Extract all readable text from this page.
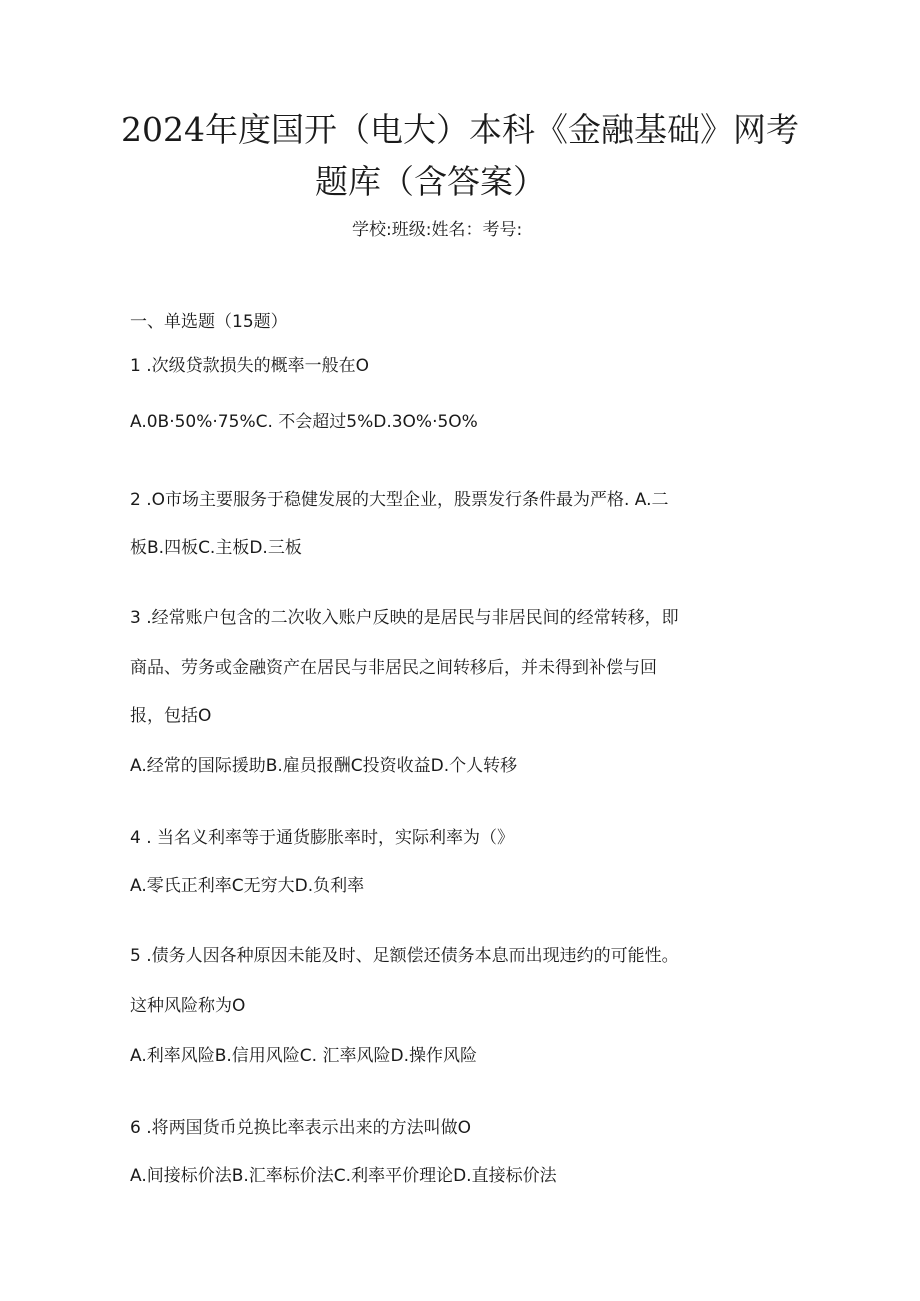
2024年度国开（电大）本科《金融基础》网考
题库（含答案）
学校:班级:姓名：考号:
一、单选题（15题）
1 .次级贷款损失的概率一般在O
A.0B·50%·75%C. 不会超过5%D.3O%·5O%
2 .O市场主要服务于稳健发展的大型企业，股票发行条件最为严格. A.二
板B.四板C.主板D.三板
3 .经常账户包含的二次收入账户反映的是居民与非居民间的经常转移，即
商品、劳务或金融资产在居民与非居民之间转移后，并未得到补偿与回
报，包括O
A.经常的国际援助B.雇员报酬C投资收益D.个人转移
4 . 当名义利率等于通货膨胀率时，实际利率为（》
A.零氏正利率C无穷大D.负利率
5 .债务人因各种原因未能及时、足额偿还债务本息而出现违约的可能性。
这种风险称为O
A.利率风险B.信用风险C. 汇率风险D.操作风险
6 .将两国货币兑换比率表示出来的方法叫做O
A.间接标价法B.汇率标价法C.利率平价理论D.直接标价法
